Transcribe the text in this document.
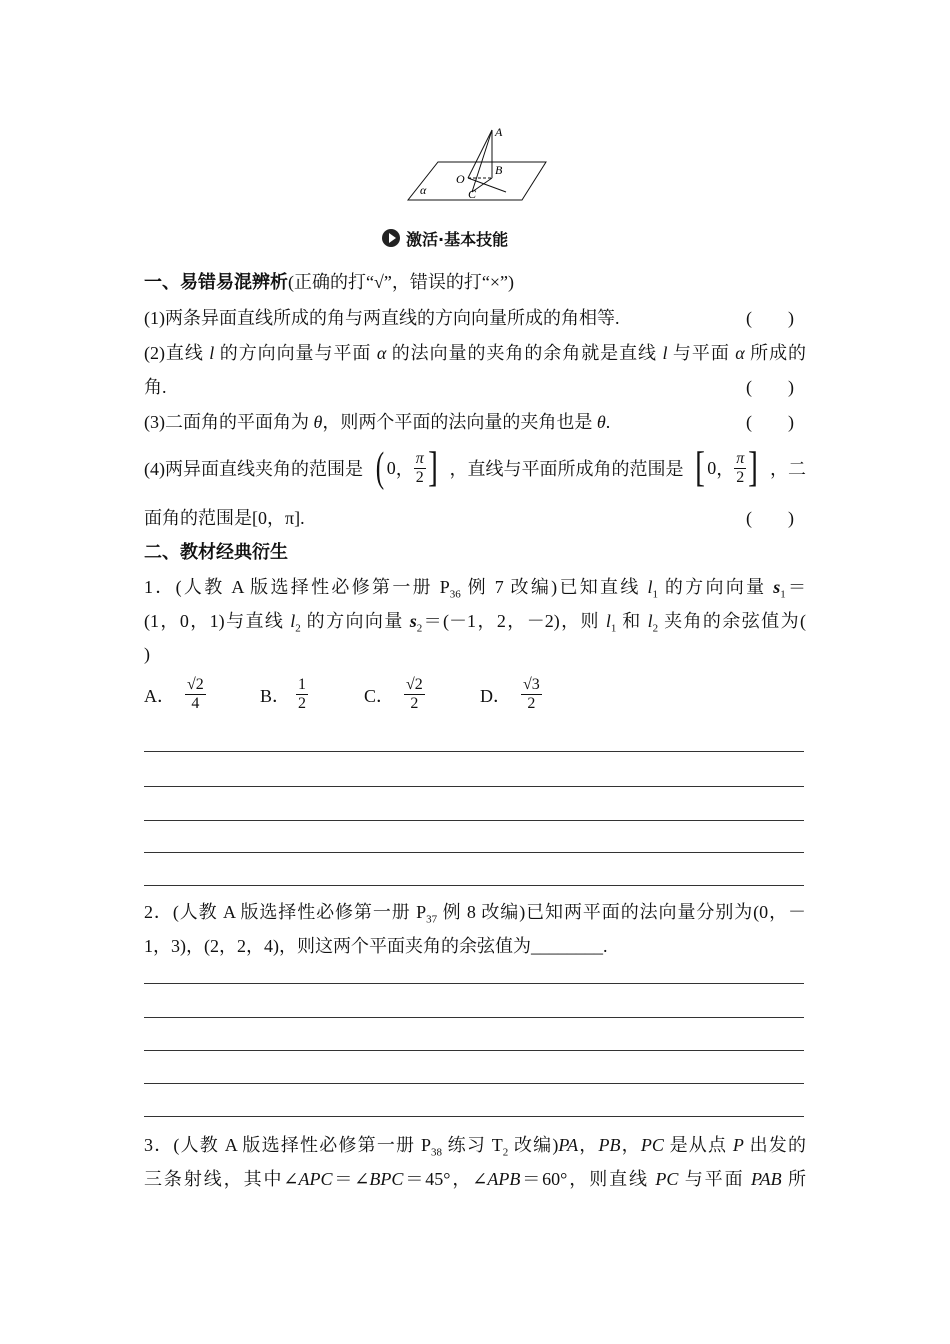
A
B
O
C
α
激活·基本技能
一、易错易混辨析(正确的打“√”，错误的打“×”)
(1)两条异面直线所成的角与两直线的方向向量所成的角相等.	(　　)
(2)直线 l 的方向向量与平面 α 的法向量的夹角的余角就是直线 l 与平面 α 所成的
角.	(　　)
(3)二面角的平面角为 θ，则两个平面的法向量的夹角也是 θ.	(　　)
(4)两异面直线夹角的范围是 ( 0 ， $\frac{\pi}{2}$ ] ，直线与平面所成角的范围是 [ 0 ， $\frac{\pi}{2}$ ] ，二
面角的范围是[0，π].	(　　)
二、教材经典衍生
1．(人教 A 版选择性必修第一册 $P_{36}$ 例 7 改编)已知直线 $l_1$ 的方向向量 $s_1=$
(1，0，1)与直线 $l_2$ 的方向向量 $s_2=(-1$，2，－2)，则 $l_1$ 和 $l_2$ 夹角的余弦值为(
)
A． $\frac{√2}{4}$	B． $\frac{1}{2}$	C． $\frac{√2}{2}$	D． $\frac{√3}{2}$
2．(人教 A 版选择性必修第一册 $P_{37}$ 例 8 改编)已知两平面的法向量分别为(0，－
1，3)，(2，2，4)，则这两个平面夹角的余弦值为________.
3．(人教 A 版选择性必修第一册 $P_{38}$ 练习 $T_2$ 改编)PA，PB，PC 是从点 P 出发的
三条射线，其中∠APC＝∠BPC＝45°，∠APB＝60°，则直线 PC 与平面 PAB 所
